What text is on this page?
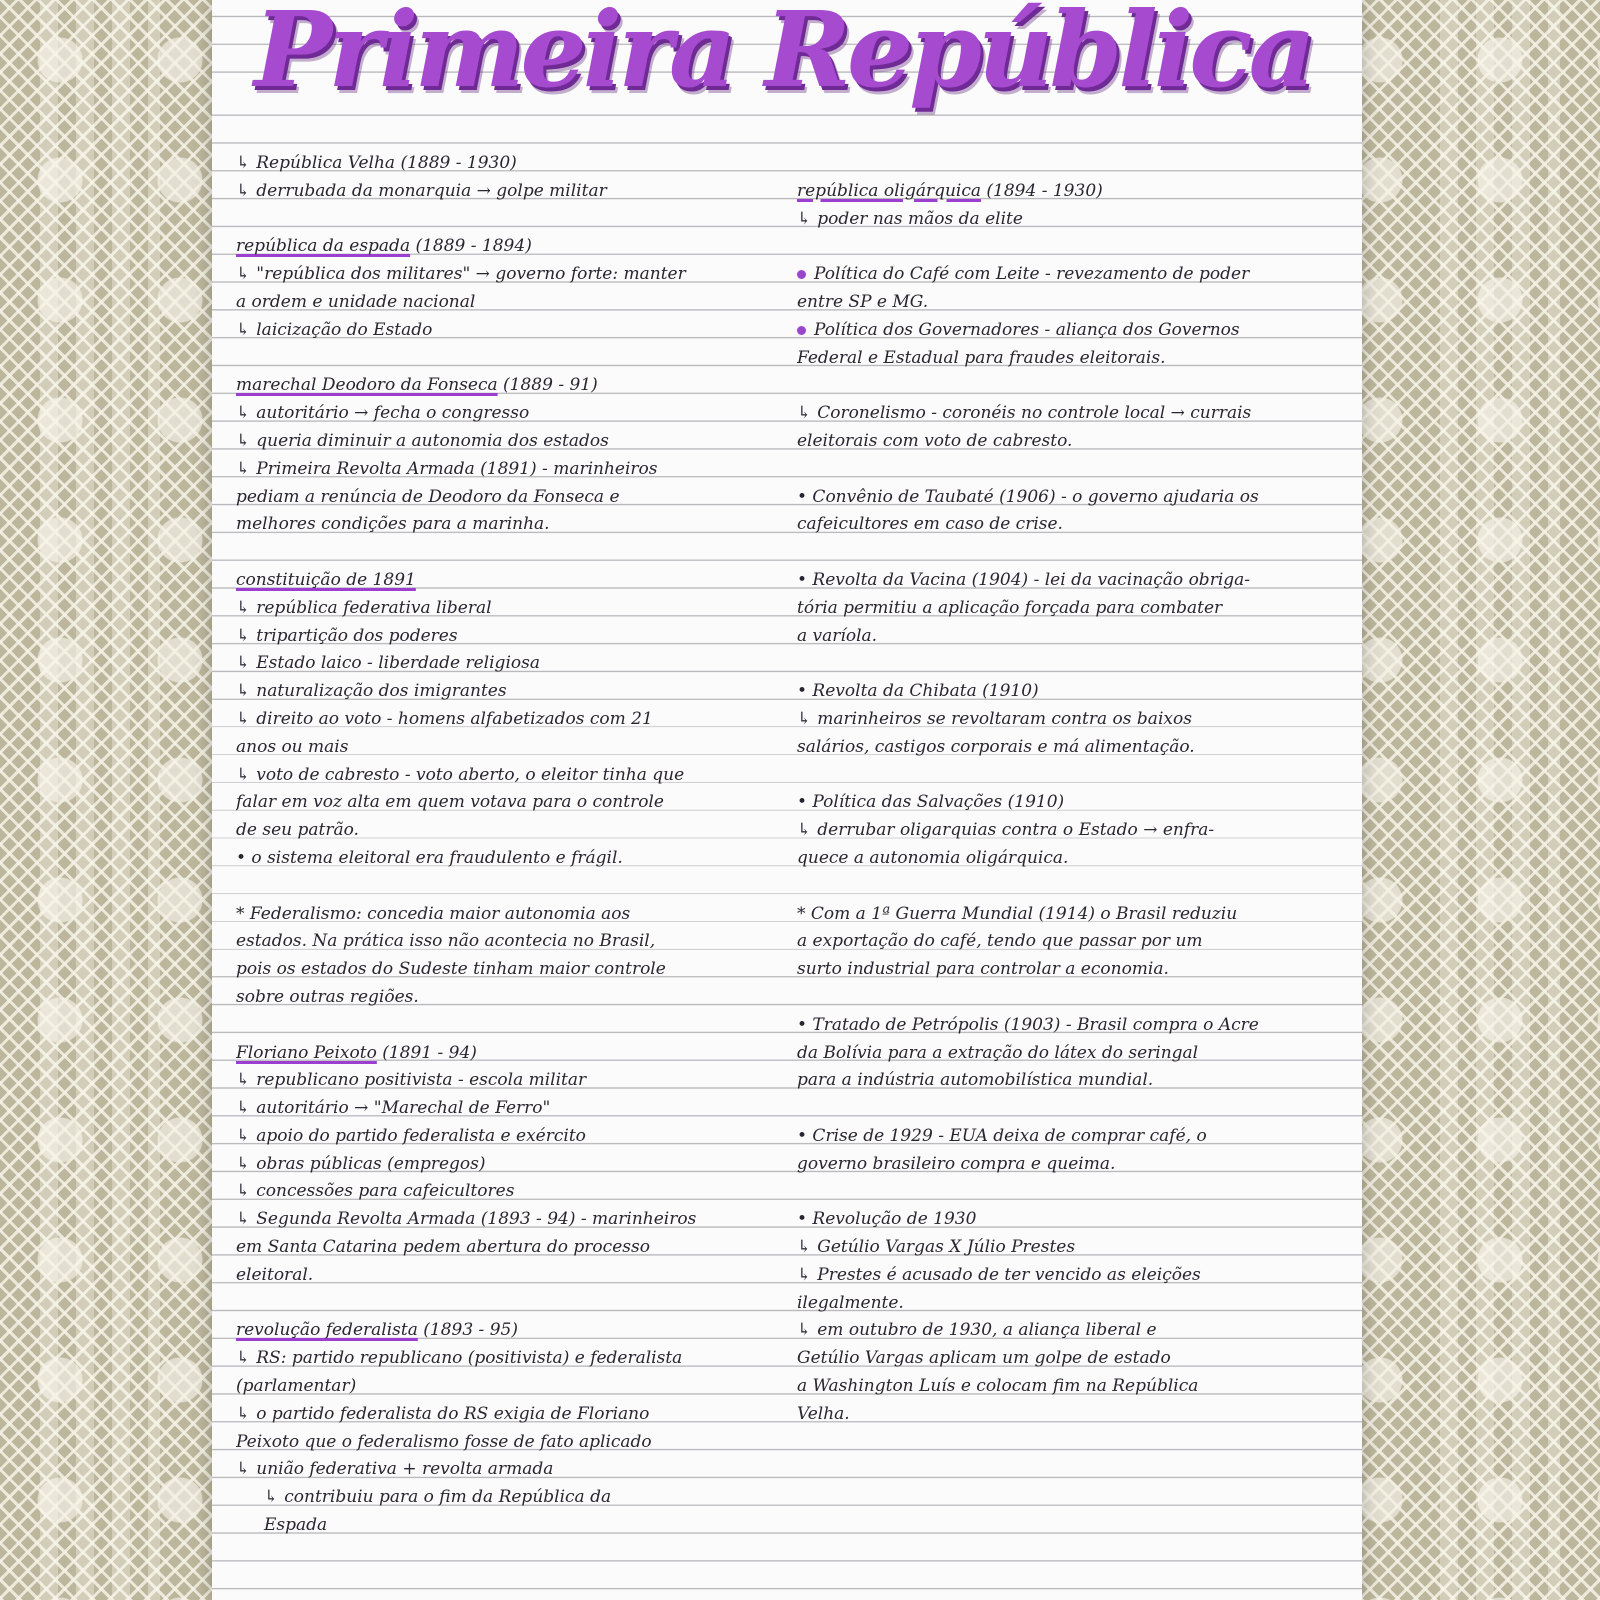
Primeira República
↳ República Velha (1889 - 1930)
↳ derrubada da monarquia → golpe militar
república da espada (1889 - 1894)
↳ "república dos militares" → governo forte: manter
a ordem e unidade nacional
↳ laicização do Estado
marechal Deodoro da Fonseca (1889 - 91)
↳ autoritário → fecha o congresso
↳ queria diminuir a autonomia dos estados
↳ Primeira Revolta Armada (1891) - marinheiros
pediam a renúncia de Deodoro da Fonseca e
melhores condições para a marinha.
constituição de 1891
↳ república federativa liberal
↳ tripartição dos poderes
↳ Estado laico - liberdade religiosa
↳ naturalização dos imigrantes
↳ direito ao voto - homens alfabetizados com 21
anos ou mais
↳ voto de cabresto - voto aberto, o eleitor tinha que
falar em voz alta em quem votava para o controle
de seu patrão.
• o sistema eleitoral era fraudulento e frágil.
* Federalismo: concedia maior autonomia aos
estados. Na prática isso não acontecia no Brasil,
pois os estados do Sudeste tinham maior controle
sobre outras regiões.
Floriano Peixoto (1891 - 94)
↳ republicano positivista - escola militar
↳ autoritário → "Marechal de Ferro"
↳ apoio do partido federalista e exército
↳ obras públicas (empregos)
↳ concessões para cafeicultores
↳ Segunda Revolta Armada (1893 - 94) - marinheiros
em Santa Catarina pedem abertura do processo
eleitoral.
revolução federalista (1893 - 95)
↳ RS: partido republicano (positivista) e federalista
(parlamentar)
↳ o partido federalista do RS exigia de Floriano
Peixoto que o federalismo fosse de fato aplicado
↳ união federativa + revolta armada
↳ contribuiu para o fim da República da
Espada
república oligárquica (1894 - 1930)
↳ poder nas mãos da elite
Política do Café com Leite - revezamento de poder
entre SP e MG.
Política dos Governadores - aliança dos Governos
Federal e Estadual para fraudes eleitorais.
↳ Coronelismo - coronéis no controle local → currais
eleitorais com voto de cabresto.
• Convênio de Taubaté (1906) - o governo ajudaria os
cafeicultores em caso de crise.
• Revolta da Vacina (1904) - lei da vacinação obriga-
tória permitiu a aplicação forçada para combater
a varíola.
• Revolta da Chibata (1910)
↳ marinheiros se revoltaram contra os baixos
salários, castigos corporais e má alimentação.
• Política das Salvações (1910)
↳ derrubar oligarquias contra o Estado → enfra-
quece a autonomia oligárquica.
* Com a 1ª Guerra Mundial (1914) o Brasil reduziu
a exportação do café, tendo que passar por um
surto industrial para controlar a economia.
• Tratado de Petrópolis (1903) - Brasil compra o Acre
da Bolívia para a extração do látex do seringal
para a indústria automobilística mundial.
• Crise de 1929 - EUA deixa de comprar café, o
governo brasileiro compra e queima.
• Revolução de 1930
↳ Getúlio Vargas X Júlio Prestes
↳ Prestes é acusado de ter vencido as eleições
ilegalmente.
↳ em outubro de 1930, a aliança liberal e
Getúlio Vargas aplicam um golpe de estado
a Washington Luís e colocam fim na República
Velha.
